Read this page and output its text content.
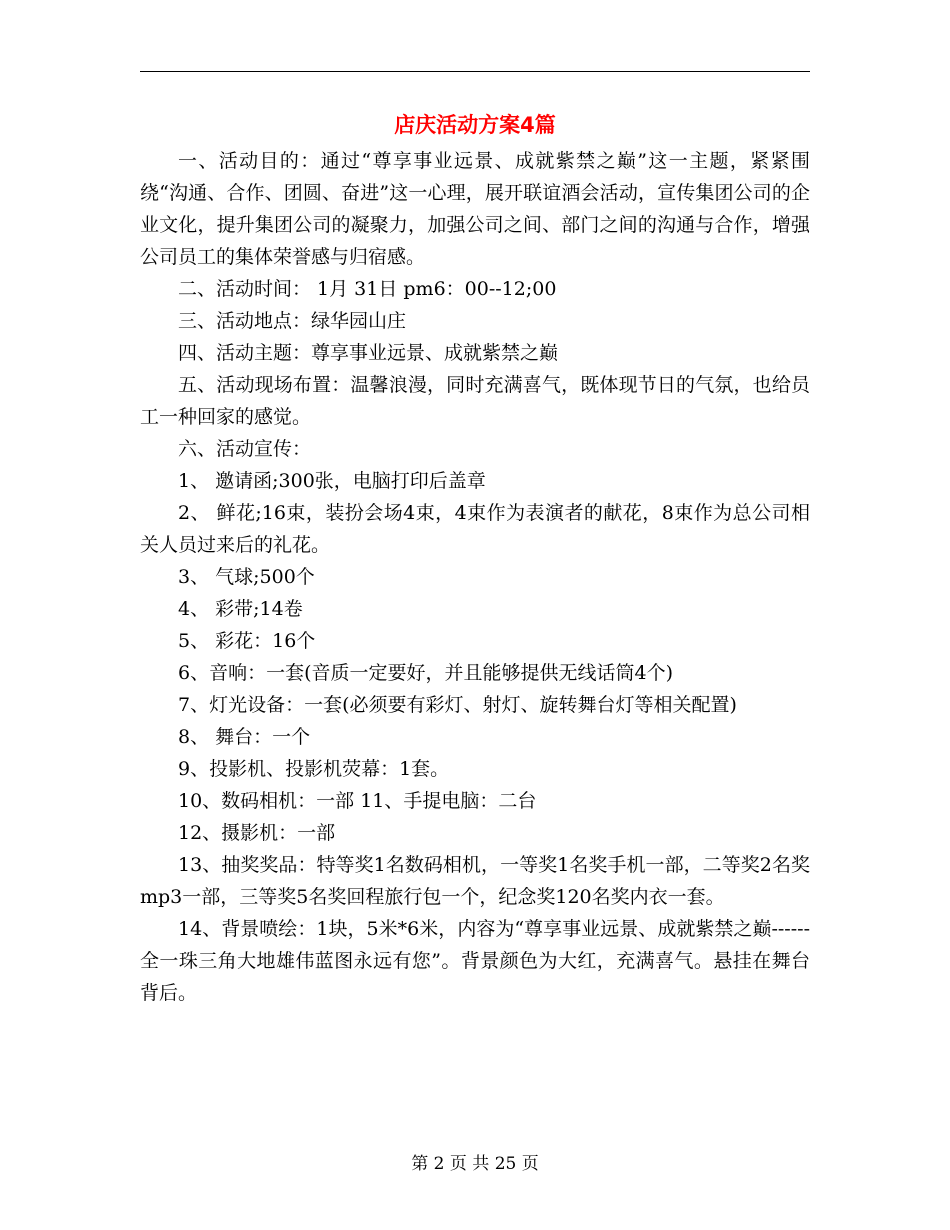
店庆活动方案4篇

一、活动目的：通过“尊享事业远景、成就紫禁之巅”这一主题，紧紧围绕“沟通、合作、团圆、奋进”这一心理，展开联谊酒会活动，宣传集团公司的企业文化，提升集团公司的凝聚力，加强公司之间、部门之间的沟通与合作，增强公司员工的集体荣誉感与归宿感。

二、活动时间： 1月 31日 pm6：00--12;00

三、活动地点：绿华园山庄

四、活动主题：尊享事业远景、成就紫禁之巅

五、活动现场布置：温馨浪漫，同时充满喜气，既体现节日的气氛，也给员工一种回家的感觉。

六、活动宣传：

1、 邀请函;300张，电脑打印后盖章

2、 鲜花;16束，装扮会场4束，4束作为表演者的献花，8束作为总公司相关人员过来后的礼花。

3、 气球;500个

4、 彩带;14卷

5、 彩花：16个

6、音响：一套(音质一定要好，并且能够提供无线话筒4个)

7、灯光设备：一套(必须要有彩灯、射灯、旋转舞台灯等相关配置)

8、 舞台：一个

9、投影机、投影机荧幕：1套。

10、数码相机：一部 11、手提电脑：二台

12、摄影机：一部

13、抽奖奖品：特等奖1名数码相机，一等奖1名奖手机一部，二等奖2名奖mp3一部，三等奖5名奖回程旅行包一个，纪念奖120名奖内衣一套。

14、背景喷绘：1块，5米*6米，内容为“尊享事业远景、成就紫禁之巅------全一珠三角大地雄伟蓝图永远有您”。背景颜色为大红，充满喜气。悬挂在舞台背后。

第 2 页 共 25 页
